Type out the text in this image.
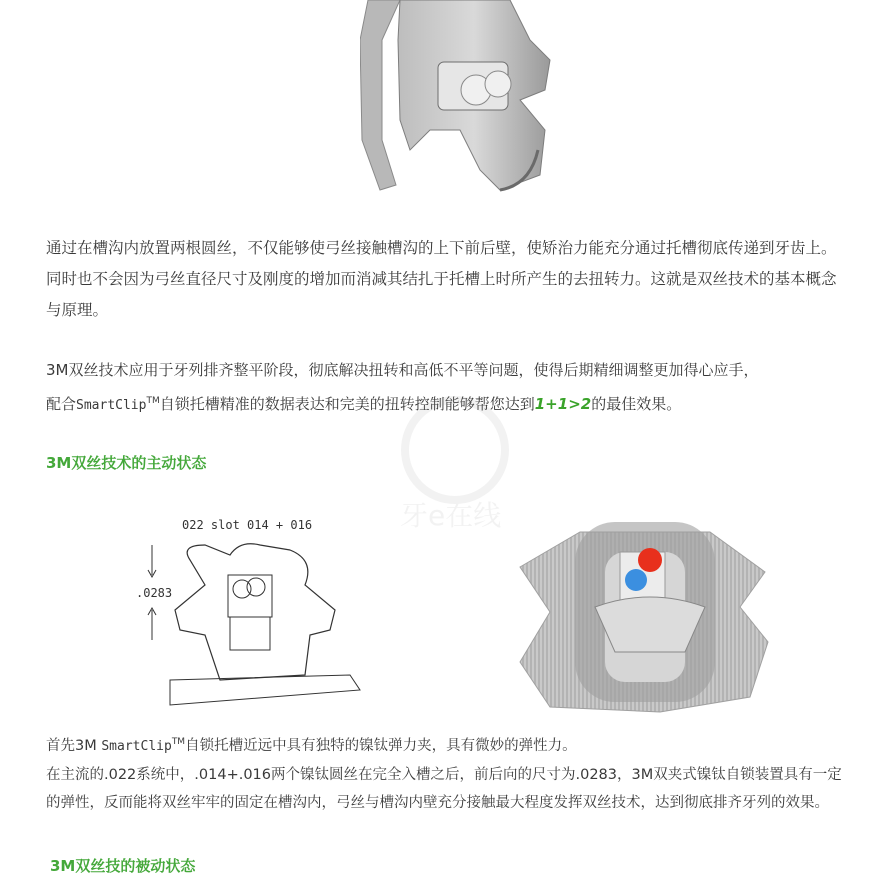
通过在槽沟内放置两根圆丝，不仅能够使弓丝接触槽沟的上下前后壁，使矫治力能充分通过托槽彻底传递到牙齿上。同时也不会因为弓丝直径尺寸及刚度的增加而消减其结扎于托槽上时所产生的去扭转力。这就是双丝技术的基本概念与原理。
3M双丝技术应用于牙列排齐整平阶段，彻底解决扭转和高低不平等问题，使得后期精细调整更加得心应手，
配合SmartClip™自锁托槽精准的数据表达和完美的扭转控制能够帮您达到1+1>2的最佳效果。
3M双丝技术的主动状态
牙e在线
022 slot 014 + 016
.0283
首先3M SmartClip™自锁托槽近远中具有独特的镍钛弹力夹，具有微妙的弹性力。
在主流的.022系统中，.014+.016两个镍钛圆丝在完全入槽之后，前后向的尺寸为.0283，3M双夹式镍钛自锁装置具有一定的弹性，反而能将双丝牢牢的固定在槽沟内，弓丝与槽沟内壁充分接触最大程度发挥双丝技术，达到彻底排齐牙列的效果。
3M双丝技的被动状态
